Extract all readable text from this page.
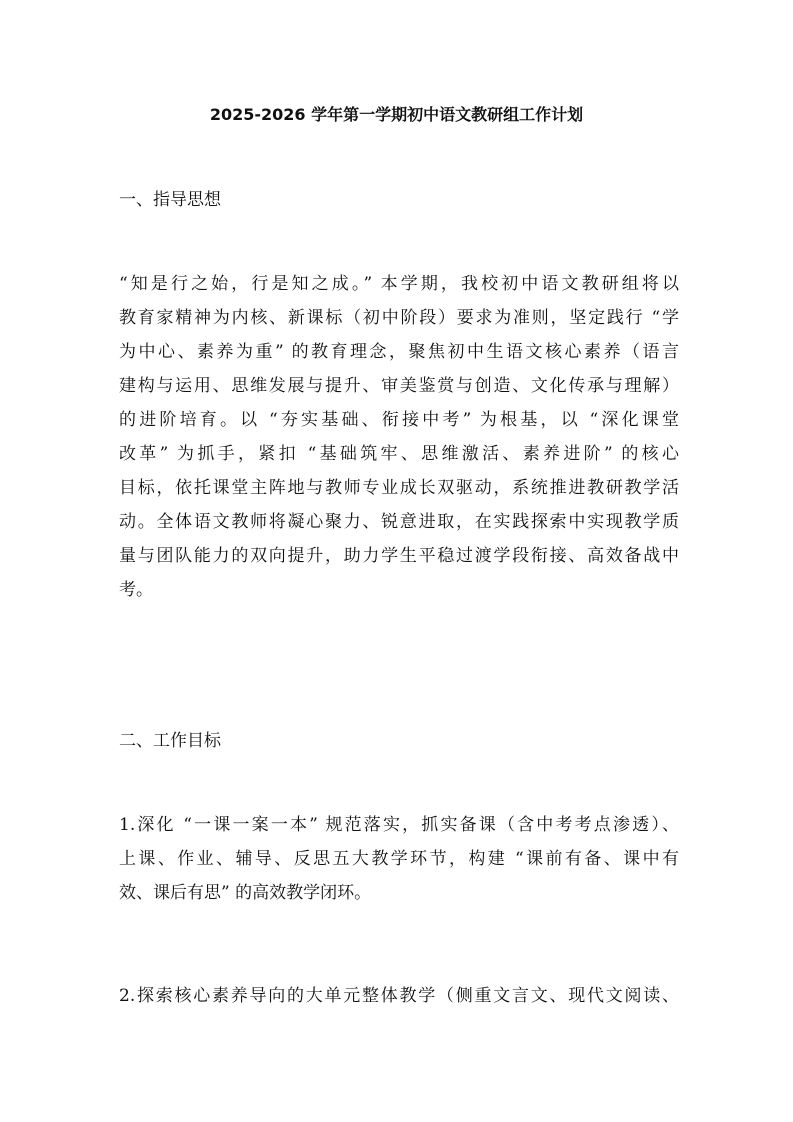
2025-2026 学年第一学期初中语文教研组工作计划
一、指导思想
“知是行之始，行是知之成。” 本学期，我校初中语文教研组将以
教育家精神为内核、新课标（初中阶段）要求为准则，坚定践行 “学
为中心、素养为重” 的教育理念，聚焦初中生语文核心素养（语言
建构与运用、思维发展与提升、审美鉴赏与创造、文化传承与理解）
的进阶培育。以 “夯实基础、衔接中考” 为根基，以 “深化课堂
改革” 为抓手，紧扣 “基础筑牢、思维激活、素养进阶” 的核心
目标，依托课堂主阵地与教师专业成长双驱动，系统推进教研教学活
动。全体语文教师将凝心聚力、锐意进取，在实践探索中实现教学质
量与团队能力的双向提升，助力学生平稳过渡学段衔接、高效备战中
考。
二、工作目标
1.深化 “一课一案一本” 规范落实，抓实备课（含中考考点渗透）、
上课、作业、辅导、反思五大教学环节，构建 “课前有备、课中有
效、课后有思” 的高效教学闭环。
2.探索核心素养导向的大单元整体教学（侧重文言文、现代文阅读、
